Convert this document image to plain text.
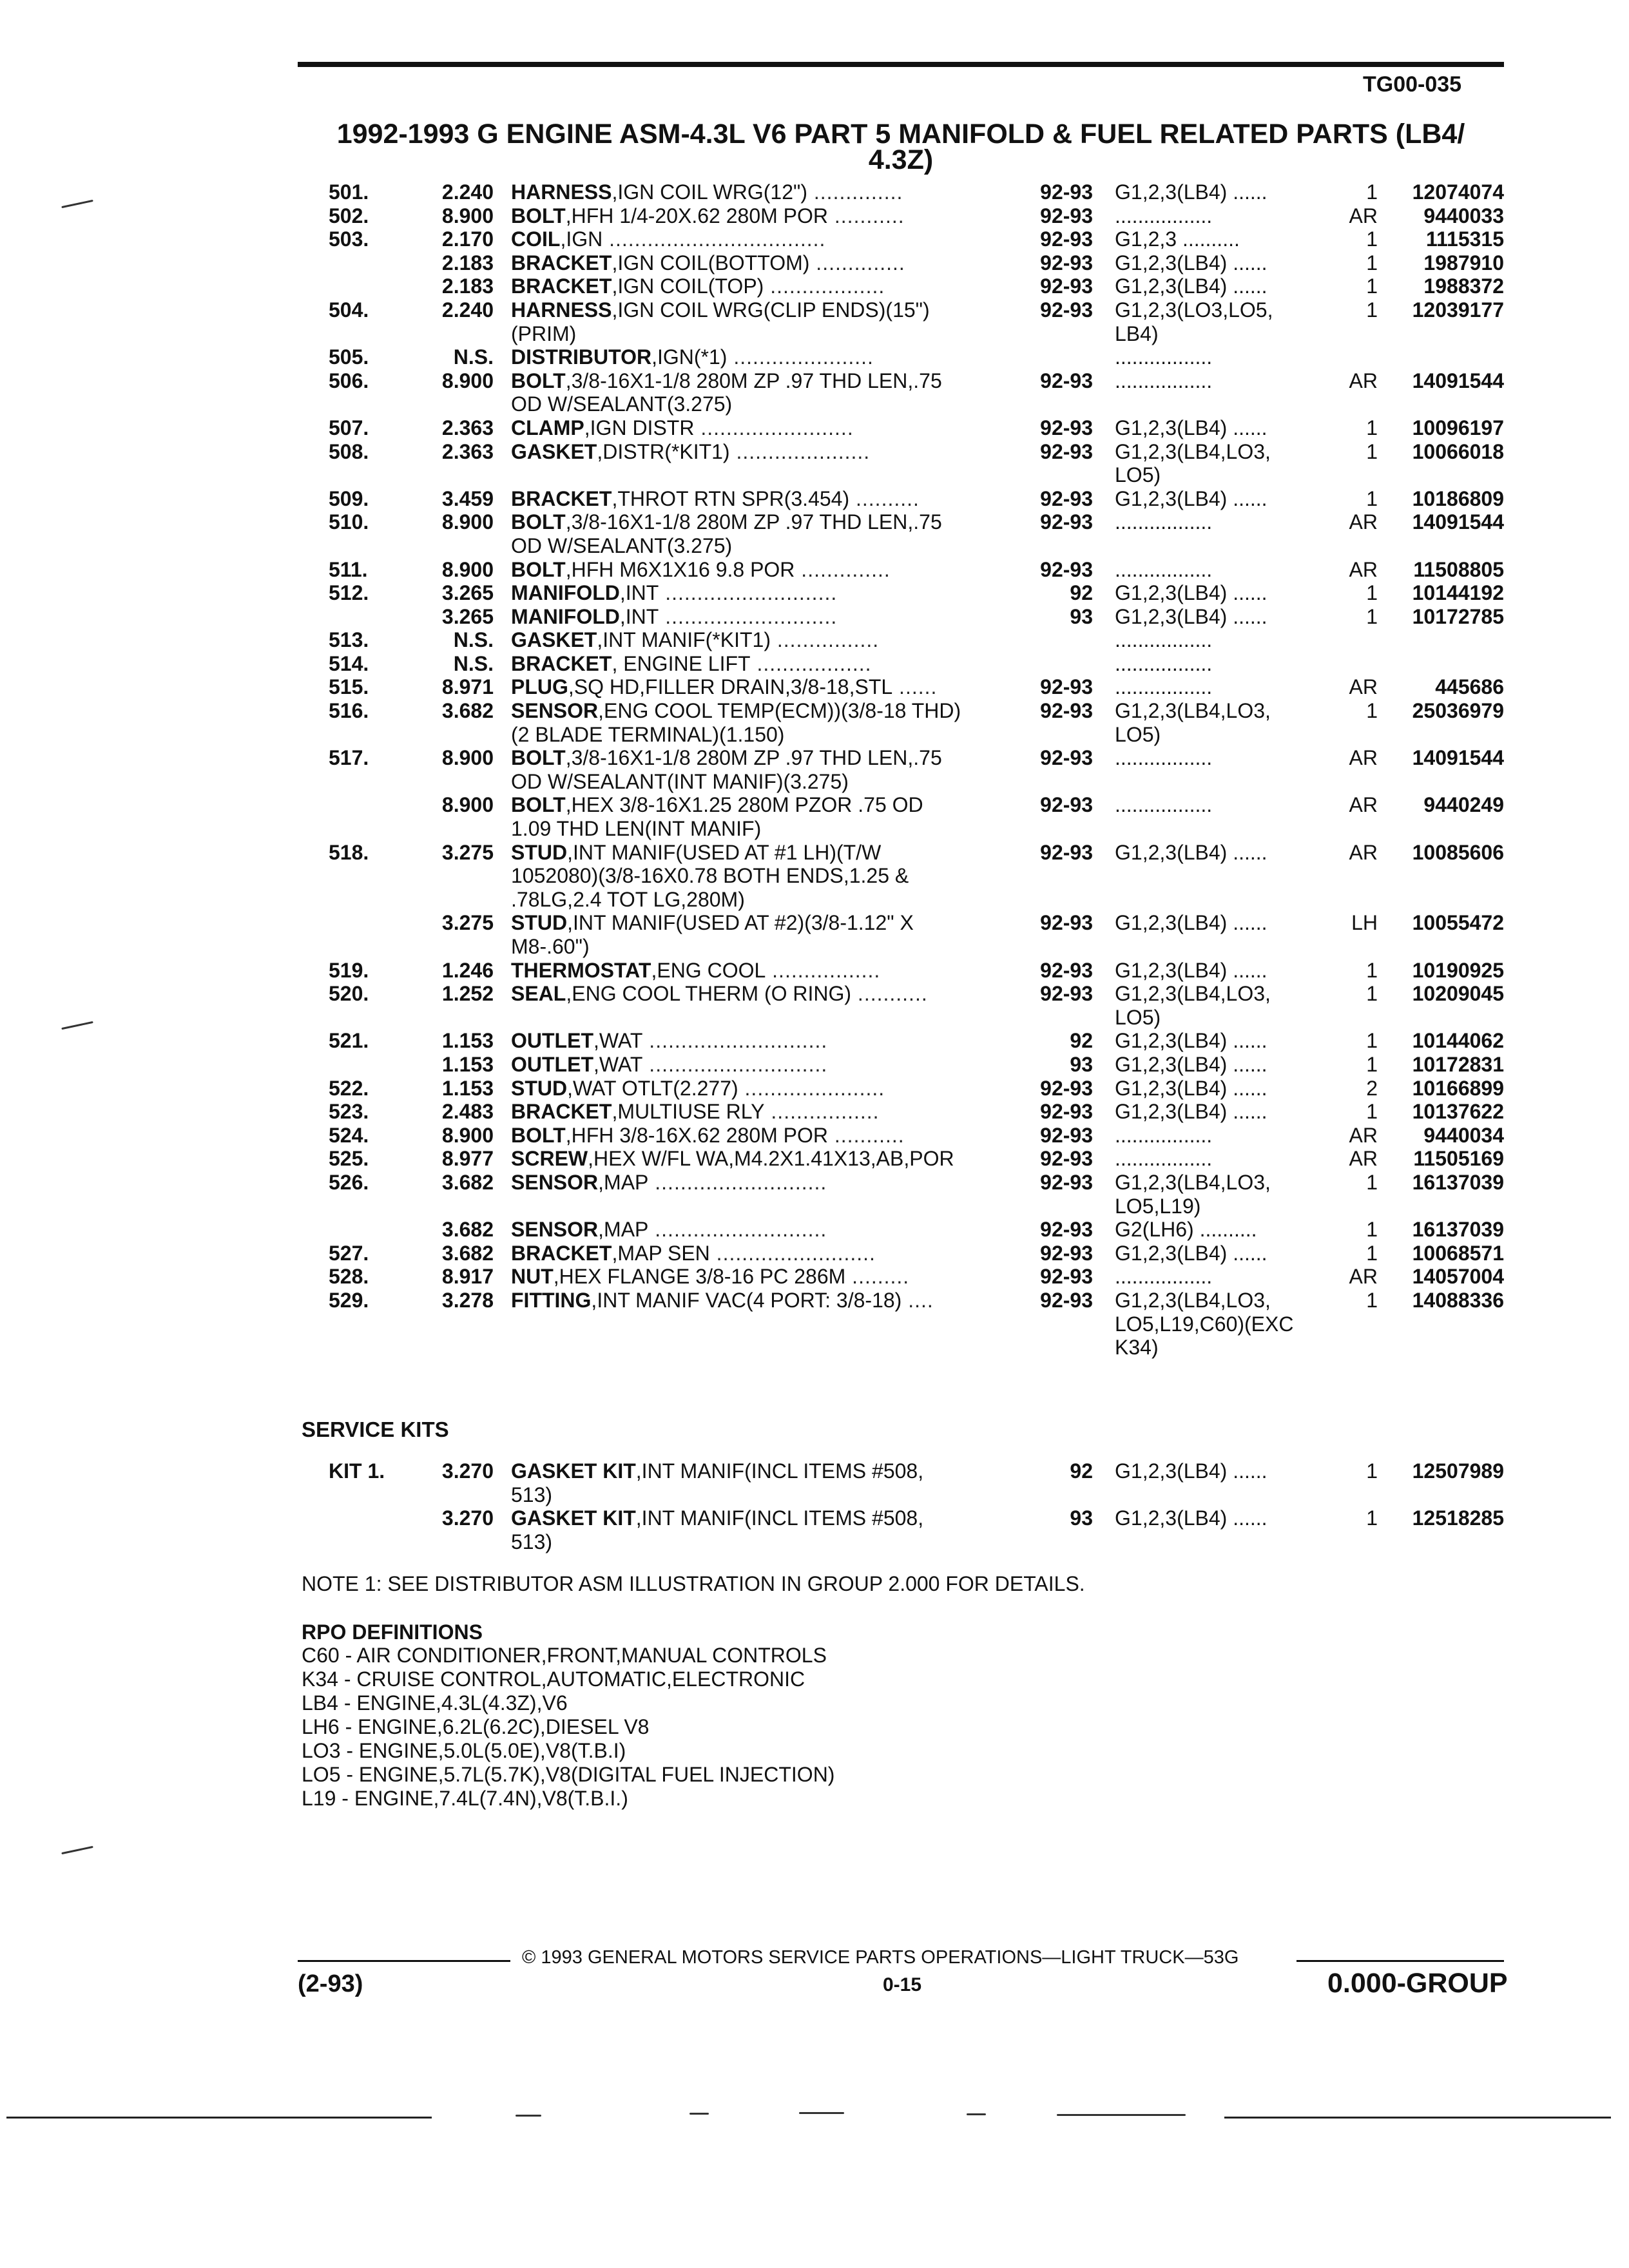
TG00-035
1992-1993 G ENGINE ASM-4.3L V6 PART 5 MANIFOLD & FUEL RELATED PARTS (LB4/
4.3Z)
501.	2.240 HARNESS,IGN COIL WRG(12") ..............	92-93 G1,2,3(LB4) ......	1	12074074
502.	8.900 BOLT,HFH 1/4-20X.62 280M POR ...........	92-93 .................	AR	9440033
503.	2.170 COIL,IGN ..................................	92-93 G1,2,3 ..........	1	1115315
2.183 BRACKET,IGN COIL(BOTTOM) ..............	92-93 G1,2,3(LB4) ......	1	1987910
2.183 BRACKET,IGN COIL(TOP) ..................	92-93 G1,2,3(LB4) ......	1	1988372
504.	2.240 HARNESS,IGN COIL WRG(CLIP ENDS)(15")	92-93 G1,2,3(LO3,LO5,	1	12039177
(PRIM)	LB4)
505.	N.S. DISTRIBUTOR,IGN(*1) ......................	.................
506.	8.900 BOLT,3/8-16X1-1/8 280M ZP .97 THD LEN,.75	92-93 .................	AR	14091544
OD W/SEALANT(3.275)
507.	2.363 CLAMP,IGN DISTR ........................	92-93 G1,2,3(LB4) ......	1	10096197
508.	2.363 GASKET,DISTR(*KIT1) .....................	92-93 G1,2,3(LB4,LO3,	1	10066018
LO5)
509.	3.459 BRACKET,THROT RTN SPR(3.454) ..........	92-93 G1,2,3(LB4) ......	1	10186809
510.	8.900 BOLT,3/8-16X1-1/8 280M ZP .97 THD LEN,.75	92-93 .................	AR	14091544
OD W/SEALANT(3.275)
511.	8.900 BOLT,HFH M6X1X16 9.8 POR ..............	92-93 .................	AR	11508805
512.	3.265 MANIFOLD,INT ...........................	92 G1,2,3(LB4) ......	1	10144192
3.265 MANIFOLD,INT ...........................	93 G1,2,3(LB4) ......	1	10172785
513.	N.S. GASKET,INT MANIF(*KIT1) ................	.................
514.	N.S. BRACKET, ENGINE LIFT ..................	.................
515.	8.971 PLUG,SQ HD,FILLER DRAIN,3/8-18,STL ......	92-93 .................	AR	445686
516.	3.682 SENSOR,ENG COOL TEMP(ECM))(3/8-18 THD)	92-93 G1,2,3(LB4,LO3,	1	25036979
(2 BLADE TERMINAL)(1.150)	LO5)
517.	8.900 BOLT,3/8-16X1-1/8 280M ZP .97 THD LEN,.75	92-93 .................	AR	14091544
OD W/SEALANT(INT MANIF)(3.275)
8.900 BOLT,HEX 3/8-16X1.25 280M PZOR .75 OD	92-93 .................	AR	9440249
1.09 THD LEN(INT MANIF)
518.	3.275 STUD,INT MANIF(USED AT #1 LH)(T/W	92-93 G1,2,3(LB4) ......	AR	10085606
1052080)(3/8-16X0.78 BOTH ENDS,1.25 &
.78LG,2.4 TOT LG,280M)
3.275 STUD,INT MANIF(USED AT #2)(3/8-1.12" X	92-93 G1,2,3(LB4) ......	LH	10055472
M8-.60")
519.	1.246 THERMOSTAT,ENG COOL .................	92-93 G1,2,3(LB4) ......	1	10190925
520.	1.252 SEAL,ENG COOL THERM (O RING) ...........	92-93 G1,2,3(LB4,LO3,	1	10209045
LO5)
521.	1.153 OUTLET,WAT ............................	92 G1,2,3(LB4) ......	1	10144062
1.153 OUTLET,WAT ............................	93 G1,2,3(LB4) ......	1	10172831
522.	1.153 STUD,WAT OTLT(2.277) ......................	92-93 G1,2,3(LB4) ......	2	10166899
523.	2.483 BRACKET,MULTIUSE RLY .................	92-93 G1,2,3(LB4) ......	1	10137622
524.	8.900 BOLT,HFH 3/8-16X.62 280M POR ...........	92-93 .................	AR	9440034
525.	8.977 SCREW,HEX W/FL WA,M4.2X1.41X13,AB,POR	92-93 .................	AR	11505169
526.	3.682 SENSOR,MAP ...........................	92-93 G1,2,3(LB4,LO3,	1	16137039
LO5,L19)
3.682 SENSOR,MAP ...........................	92-93 G2(LH6) ..........	1	16137039
527.	3.682 BRACKET,MAP SEN .........................	92-93 G1,2,3(LB4) ......	1	10068571
528.	8.917 NUT,HEX FLANGE 3/8-16 PC 286M .........	92-93 .................	AR	14057004
529.	3.278 FITTING,INT MANIF VAC(4 PORT: 3/8-18) ....	92-93 G1,2,3(LB4,LO3,	1	14088336
LO5,L19,C60)(EXC
K34)
SERVICE KITS
KIT 1.	3.270 GASKET KIT,INT MANIF(INCL ITEMS #508,	92 G1,2,3(LB4) ......	1	12507989
513)
3.270 GASKET KIT,INT MANIF(INCL ITEMS #508,	93 G1,2,3(LB4) ......	1	12518285
513)
NOTE 1: SEE DISTRIBUTOR ASM ILLUSTRATION IN GROUP 2.000 FOR DETAILS.
RPO DEFINITIONS
C60 - AIR CONDITIONER,FRONT,MANUAL CONTROLS
K34 - CRUISE CONTROL,AUTOMATIC,ELECTRONIC
LB4 - ENGINE,4.3L(4.3Z),V6
LH6 - ENGINE,6.2L(6.2C),DIESEL V8
LO3 - ENGINE,5.0L(5.0E),V8(T.B.I)
LO5 - ENGINE,5.7L(5.7K),V8(DIGITAL FUEL INJECTION)
L19 - ENGINE,7.4L(7.4N),V8(T.B.I.)
© 1993 GENERAL MOTORS SERVICE PARTS OPERATIONS—LIGHT TRUCK—53G
(2-93)	0-15	0.000-GROUP
